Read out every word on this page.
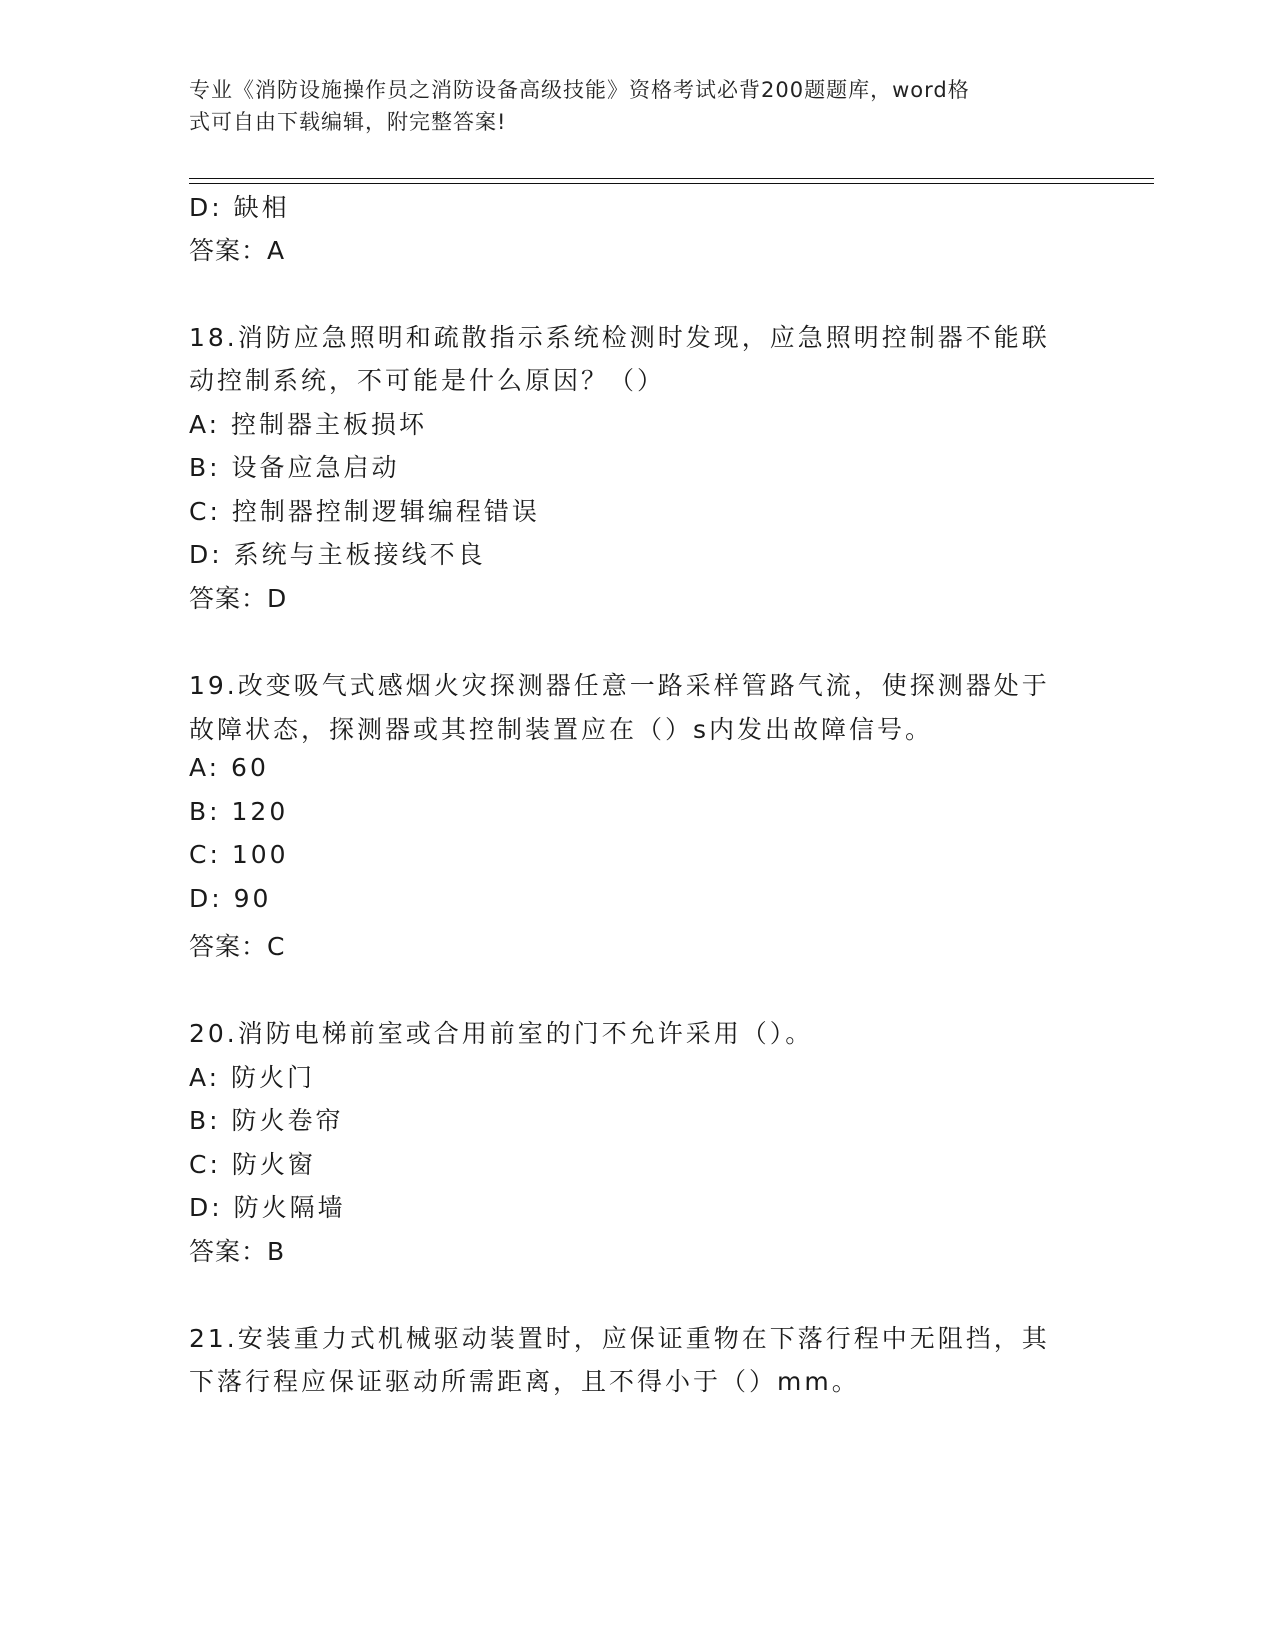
专业《消防设施操作员之消防设备高级技能》资格考试必背200题题库，word格
式可自由下载编辑，附完整答案!
D: 缺相
答案：A
18.消防应急照明和疏散指示系统检测时发现，应急照明控制器不能联
动控制系统，不可能是什么原因？（）
A: 控制器主板损坏
B: 设备应急启动
C: 控制器控制逻辑编程错误
D: 系统与主板接线不良
答案：D
19.改变吸气式感烟火灾探测器任意一路采样管路气流，使探测器处于
故障状态，探测器或其控制装置应在（）s内发出故障信号。
A: 60
B: 120
C: 100
D: 90
答案：C
20.消防电梯前室或合用前室的门不允许采用（）。
A: 防火门
B: 防火卷帘
C: 防火窗
D: 防火隔墙
答案：B
21.安装重力式机械驱动装置时，应保证重物在下落行程中无阻挡，其
下落行程应保证驱动所需距离，且不得小于（）mm。
